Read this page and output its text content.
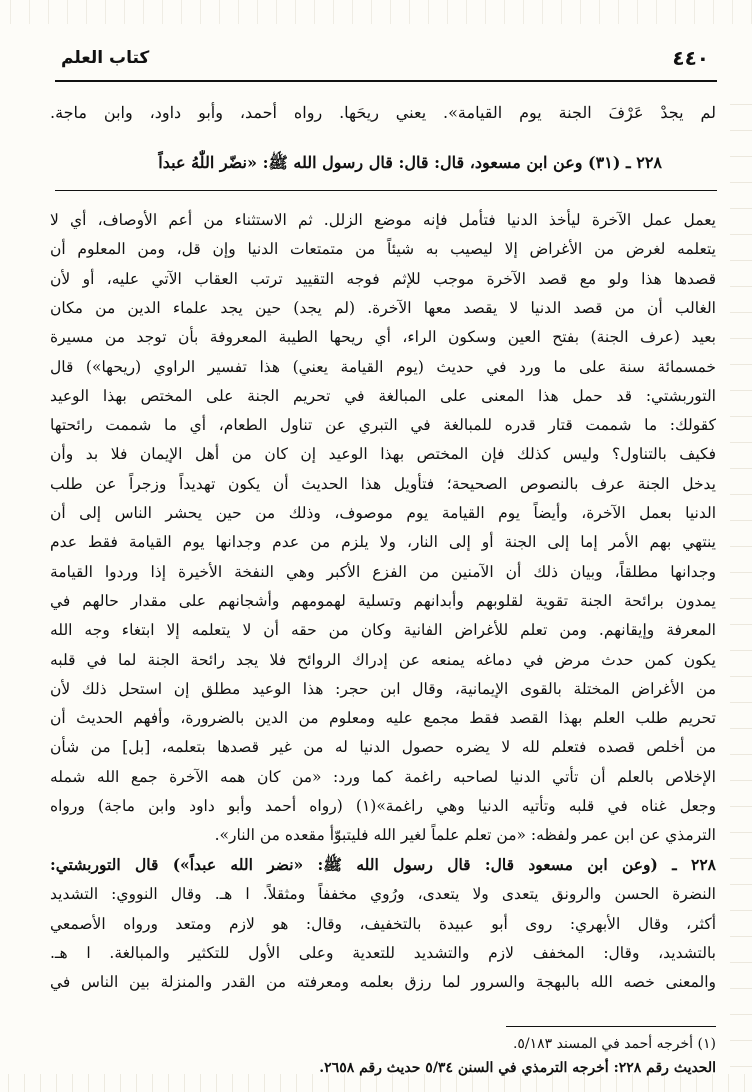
٤٤٠
كتاب العلم
لم يجدْ عَرْفَ الجنة يوم القيامة». يعني ريحَها. رواه أحمد، وأبو داود، وابن ماجة.
٢٢٨ ـ (٣١) وعن ابن مسعود، قال: قال: قال رسول الله ﷺ: «نضّر اللّٰهُ عبداً
يعمل عمل الآخرة ليأخذ الدنيا فتأمل فإنه موضع الزلل. ثم الاستثناء من أعم الأوصاف، أي لا
يتعلمه لغرض من الأغراض إلا ليصيب به شيئاً من متمتعات الدنيا وإن قل، ومن المعلوم أن
قصدها هذا ولو مع قصد الآخرة موجب للإثم فوجه التقييد ترتب العقاب الآتي عليه، أو لأن
الغالب أن من قصد الدنيا لا يقصد معها الآخرة. (لم يجد) حين يجد علماء الدين من مكان
بعيد (عرف الجنة) بفتح العين وسكون الراء، أي ريحها الطيبة المعروفة بأن توجد من مسيرة
خمسمائة سنة على ما ورد في حديث (يوم القيامة يعني) هذا تفسير الراوي (ريحها») قال
التوربشتي: قد حمل هذا المعنى على المبالغة في تحريم الجنة على المختص بهذا الوعيد
كقولك: ما شممت قتار قدره للمبالغة في التبري عن تناول الطعام، أي ما شممت رائحتها
فكيف بالتناول؟ وليس كذلك فإن المختص بهذا الوعيد إن كان من أهل الإيمان فلا بد وأن
يدخل الجنة عرف بالنصوص الصحيحة؛ فتأويل هذا الحديث أن يكون تهديداً وزجراً عن طلب
الدنيا بعمل الآخرة، وأيضاً يوم القيامة يوم موصوف، وذلك من حين يحشر الناس إلى أن
ينتهي بهم الأمر إما إلى الجنة أو إلى النار، ولا يلزم من عدم وجدانها يوم القيامة فقط عدم
وجدانها مطلقاً، وبيان ذلك أن الآمنين من الفزع الأكبر وهي النفخة الأخيرة إذا وردوا القيامة
يمدون برائحة الجنة تقوية لقلوبهم وأبدانهم وتسلية لهمومهم وأشجانهم على مقدار حالهم في
المعرفة وإيقانهم. ومن تعلم للأغراض الفانية وكان من حقه أن لا يتعلمه إلا ابتغاء وجه الله
يكون كمن حدث مرض في دماغه يمنعه عن إدراك الروائح فلا يجد رائحة الجنة لما في قلبه
من الأغراض المختلة بالقوى الإيمانية، وقال ابن حجر: هذا الوعيد مطلق إن استحل ذلك لأن
تحريم طلب العلم بهذا القصد فقط مجمع عليه ومعلوم من الدين بالضرورة، وأفهم الحديث أن
من أخلص قصده فتعلم لله لا يضره حصول الدنيا له من غير قصدها بتعلمه، [بل] من شأن
الإخلاص بالعلم أن تأتي الدنيا لصاحبه راغمة كما ورد: «من كان همه الآخرة جمع الله شمله
وجعل غناه في قلبه وتأتيه الدنيا وهي راغمة»(١) (رواه أحمد وأبو داود وابن ماجة) ورواه
الترمذي عن ابن عمر ولفظه: «من تعلم علماً لغير الله فليتبوّأ مقعده من النار».
٢٢٨ ـ (وعن ابن مسعود قال: قال رسول الله ﷺ: «نضر الله عبداً») قال التوربشتي:
النضرة الحسن والرونق يتعدى ولا يتعدى، ورُوي مخففاً ومثقلاً. ا هـ. وقال النووي: التشديد
أكثر، وقال الأبهري: روى أبو عبيدة بالتخفيف، وقال: هو لازم ومتعد ورواه الأصمعي
بالتشديد، وقال: المخفف لازم والتشديد للتعدية وعلى الأول للتكثير والمبالغة. ا هـ.
والمعنى خصه الله بالبهجة والسرور لما رزق بعلمه ومعرفته من القدر والمنزلة بين الناس في
(١) أخرجه أحمد في المسند ٥/١٨٣.
الحديث رقم ٢٢٨: أخرجه الترمذي في السنن ٥/٣٤ حديث رقم ٢٦٥٨.
